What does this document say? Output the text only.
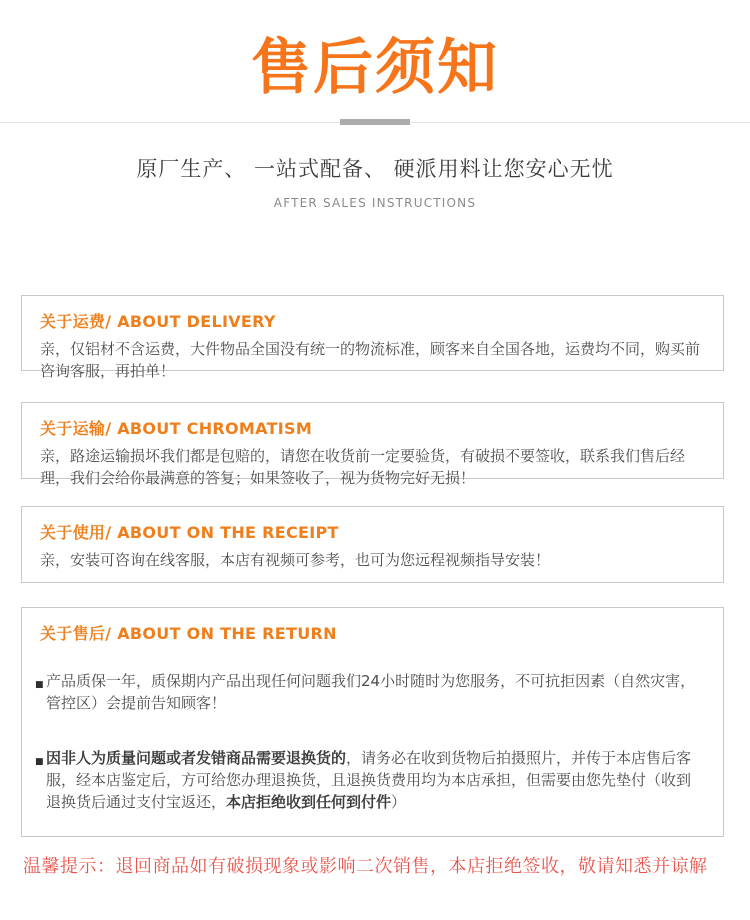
售后须知
原厂生产、 一站式配备、 硬派用料让您安心无忧
AFTER SALES INSTRUCTIONS
关于运费/ ABOUT DELIVERY
亲，仅铝材不含运费，大件物品全国没有统一的物流标准，顾客来自全国各地，运费均不同，购买前咨询客服，再拍单！
关于运输/ ABOUT CHROMATISM
亲，路途运输损坏我们都是包赔的，请您在收货前一定要验货，有破损不要签收，联系我们售后经理，我们会给你最满意的答复；如果签收了，视为货物完好无损！
关于使用/ ABOUT ON THE RECEIPT
亲，安装可咨询在线客服，本店有视频可参考，也可为您远程视频指导安装！
关于售后/ ABOUT ON THE RETURN
■ 产品质保一年，质保期内产品出现任何问题我们24小时随时为您服务，不可抗拒因素（自然灾害，管控区）会提前告知顾客！
■ 因非人为质量问题或者发错商品需要退换货的，请务必在收到货物后拍摄照片，并传于本店售后客服，经本店鉴定后，方可给您办理退换货，且退换货费用均为本店承担，但需要由您先垫付（收到退换货后通过支付宝返还，本店拒绝收到任何到付件）
温馨提示：退回商品如有破损现象或影响二次销售，本店拒绝签收，敬请知悉并谅解
